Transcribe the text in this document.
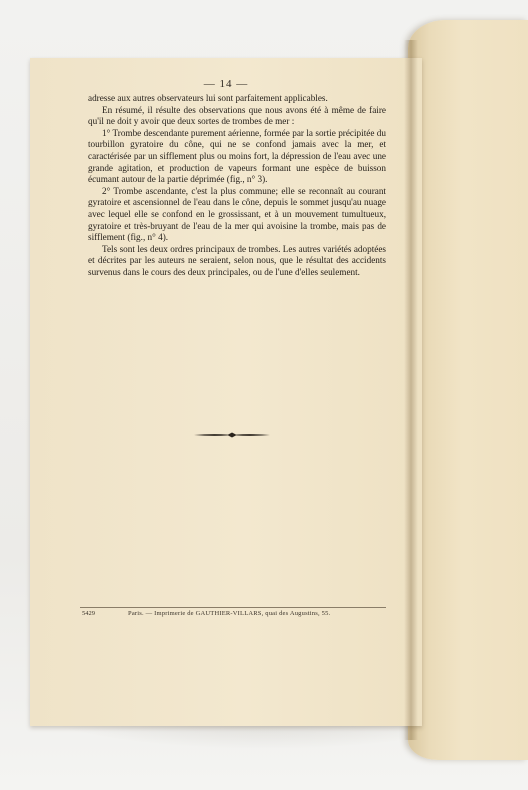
— 14 —

adresse aux autres observateurs lui sont parfaitement applicables.

En résumé, il résulte des observations que nous avons été à même de faire qu'il ne doit y avoir que deux sortes de trombes de mer :

1° Trombe descendante purement aérienne, formée par la sortie précipitée du tourbillon gyratoire du cône, qui ne se confond jamais avec la mer, et caractérisée par un sifflement plus ou moins fort, la dépression de l'eau avec une grande agitation, et production de vapeurs formant une espèce de buisson écumant autour de la partie déprimée (fig., n° 3).

2° Trombe ascendante, c'est la plus commune; elle se reconnaît au courant gyratoire et ascensionnel de l'eau dans le cône, depuis le sommet jusqu'au nuage avec lequel elle se confond en le grossissant, et à un mouvement tumultueux, gyratoire et très-bruyant de l'eau de la mer qui avoisine la trombe, mais pas de sifflement (fig., n° 4).

Tels sont les deux ordres principaux de trombes. Les autres variétés adoptées et décrites par les auteurs ne seraient, selon nous, que le résultat des accidents survenus dans le cours des deux principales, ou de l'une d'elles seulement.

5429	Paris. — Imprimerie de GAUTHIER-VILLARS, quai des Augustins, 55.
